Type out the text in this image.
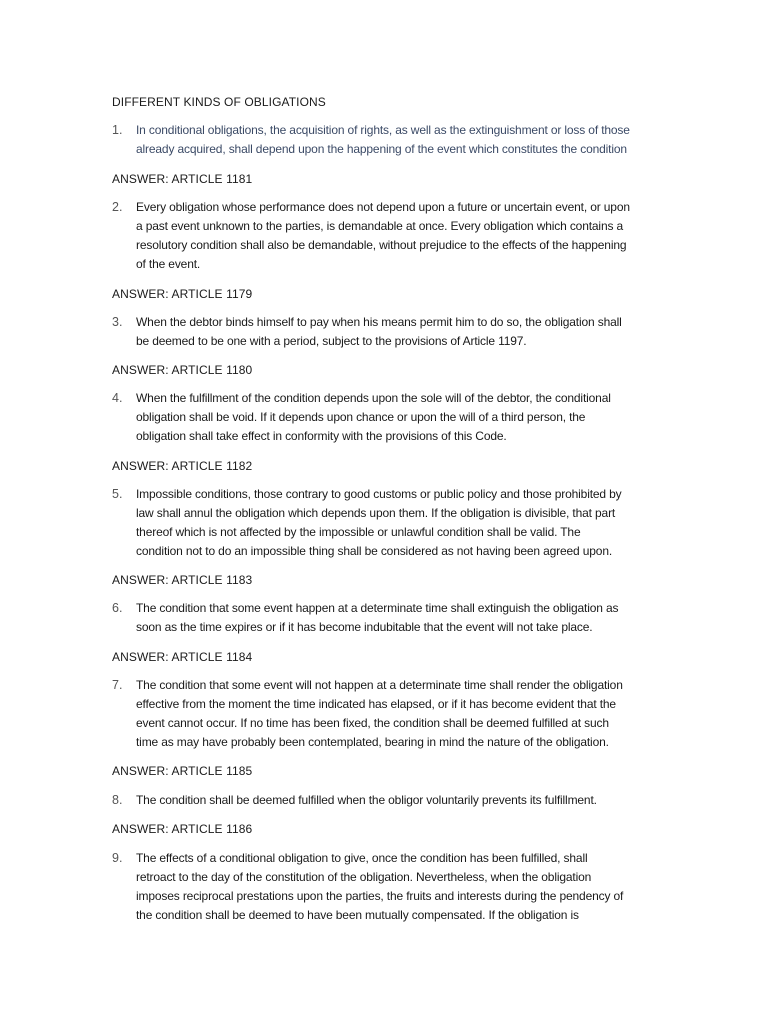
DIFFERENT KINDS OF OBLIGATIONS
1.	In conditional obligations, the acquisition of rights, as well as the extinguishment or loss of those
already acquired, shall depend upon the happening of the event which constitutes the condition
ANSWER: ARTICLE 1181
2.	Every obligation whose performance does not depend upon a future or uncertain event, or upon
a past event unknown to the parties, is demandable at once. Every obligation which contains a
resolutory condition shall also be demandable, without prejudice to the effects of the happening
of the event.
ANSWER: ARTICLE 1179
3.	When the debtor binds himself to pay when his means permit him to do so, the obligation shall
be deemed to be one with a period, subject to the provisions of Article 1197.
ANSWER: ARTICLE 1180
4.	When the fulfillment of the condition depends upon the sole will of the debtor, the conditional
obligation shall be void. If it depends upon chance or upon the will of a third person, the
obligation shall take effect in conformity with the provisions of this Code.
ANSWER: ARTICLE 1182
5.	Impossible conditions, those contrary to good customs or public policy and those prohibited by
law shall annul the obligation which depends upon them. If the obligation is divisible, that part
thereof which is not affected by the impossible or unlawful condition shall be valid. The
condition not to do an impossible thing shall be considered as not having been agreed upon.
ANSWER: ARTICLE 1183
6.	The condition that some event happen at a determinate time shall extinguish the obligation as
soon as the time expires or if it has become indubitable that the event will not take place.
ANSWER: ARTICLE 1184
7.	The condition that some event will not happen at a determinate time shall render the obligation
effective from the moment the time indicated has elapsed, or if it has become evident that the
event cannot occur. If no time has been fixed, the condition shall be deemed fulfilled at such
time as may have probably been contemplated, bearing in mind the nature of the obligation.
ANSWER: ARTICLE 1185
8.	The condition shall be deemed fulfilled when the obligor voluntarily prevents its fulfillment.
ANSWER: ARTICLE 1186
9.	The effects of a conditional obligation to give, once the condition has been fulfilled, shall
retroact to the day of the constitution of the obligation. Nevertheless, when the obligation
imposes reciprocal prestations upon the parties, the fruits and interests during the pendency of
the condition shall be deemed to have been mutually compensated. If the obligation is
